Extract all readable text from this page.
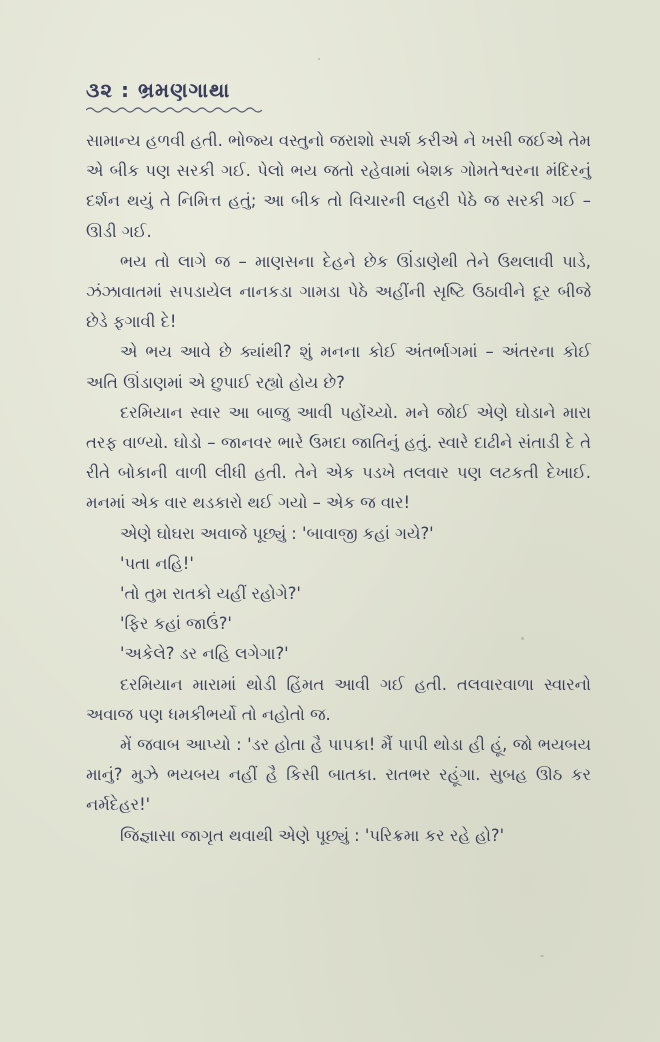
૩૨ : ભ્રમણગાથા

સામાન્ય હળવી હતી. ભોજ્ય વસ્તુનો જરાશો સ્પર્શ કરીએ ને ખસી જઈએ તેમ એ બીક પણ સરકી ગઈ. પેલો ભય જતો રહેવામાં બેશક ગોમતેશ્વરના મંદિરનું દર્શન થયું તે નિમિત્ત હતું; આ બીક તો વિચારની લહરી પેઠે જ સરકી ગઈ – ઊડી ગઈ.

ભય તો લાગે જ – માણસના દેહને છેક ઊંડાણેથી તેને ઉથલાવી પાડે, ઝંઝાવાતમાં સપડાયેલ નાનકડા ગામડા પેઠે અહીંની સૃષ્ટિ ઉઠાવીને દૂર બીજે છેડે ફગાવી દે!

એ ભય આવે છે ક્યાંથી? શું મનના કોઈ અંતર્ભાગમાં – અંતરના કોઈ અતિ ઊંડાણમાં એ છુપાઈ રહ્યો હોય છે?

દરમિયાન સ્વાર આ બાજુ આવી પહોંચ્યો. મને જોઈ એણે ઘોડાને મારા તરફ વાળ્યો. ઘોડો – જાનવર ભારે ઉમદા જાતિનું હતું. સ્વારે દાઢીને સંતાડી દે તે રીતે બોકાની વાળી લીધી હતી. તેને એક પડખે તલવાર પણ લટકતી દેખાઈ. મનમાં એક વાર થડકારો થઈ ગયો – એક જ વાર!

એણે ઘોઘરા અવાજે પૂછ્યું : 'બાવાજી કહાં ગયે?'

'પતા નહિ!'

'તો તુમ રાતકો યહીં રહોગે?'

'ફિર કહાં જાઉં?'

'અકેલે? ડર નહિ લગેગા?'

દરમિયાન મારામાં થોડી હિંમત આવી ગઈ હતી. તલવારવાળા સ્વારનો અવાજ પણ ધમકીભર્યો તો નહોતો જ.

મેં જવાબ આપ્યો : 'ડર હોતા હૈ પાપકા! મૈં પાપી થોડા હી હૂં, જો ભયબય માનું? મુઝે ભયબય નહીં હૈ કિસી બાતકા. રાતભર રહૂંગા. સુબહ ઊઠ કર નર્મદેહર!'

જિજ્ઞાસા જાગૃત થવાથી એણે પૂછ્યું : 'પરિક્રમા કર રહે હો?'
